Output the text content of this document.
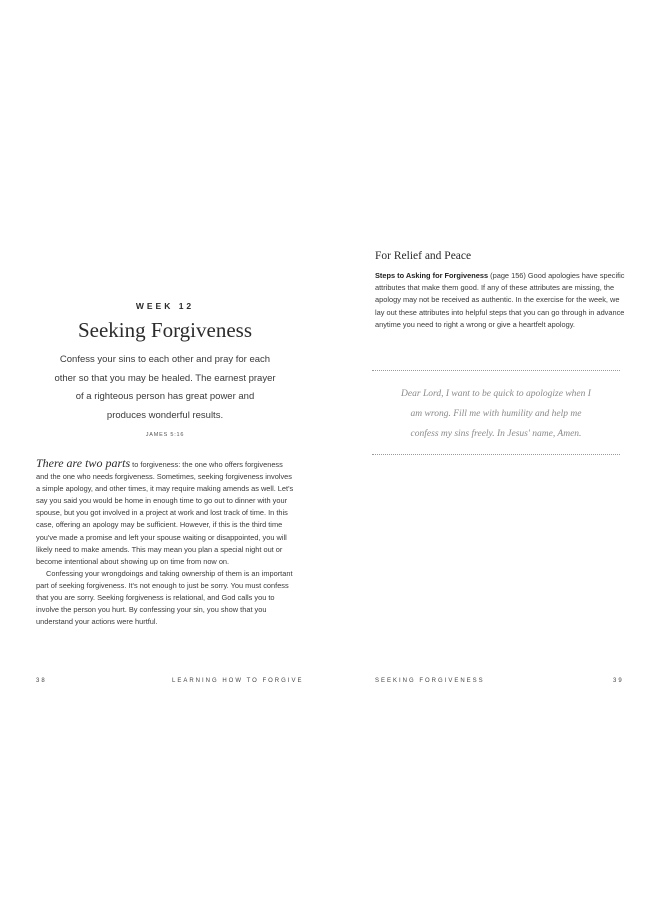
WEEK 12
Seeking Forgiveness
Confess your sins to each other and pray for each
other so that you may be healed. The earnest prayer
of a righteous person has great power and
produces wonderful results.
JAMES 5:16

There are two parts to forgiveness: the one who offers forgiveness and the one who needs forgiveness. Sometimes, seeking forgiveness involves a simple apology, and other times, it may require making amends as well. Let's say you said you would be home in enough time to go out to dinner with your spouse, but you got involved in a project at work and lost track of time. In this case, offering an apology may be sufficient. However, if this is the third time you've made a promise and left your spouse waiting or disappointed, you will likely need to make amends. This may mean you plan a special night out or become intentional about showing up on time from now on.

Confessing your wrongdoings and taking ownership of them is an important part of seeking forgiveness. It's not enough to just be sorry. You must confess that you are sorry. Seeking forgiveness is relational, and God calls you to involve the person you hurt. By confessing your sin, you show that you understand your actions were hurtful.

38	LEARNING HOW TO FORGIVE
For Relief and Peace
Steps to Asking for Forgiveness (page 156) Good apologies have specific attributes that make them good. If any of these attributes are missing, the apology may not be received as authentic. In the exercise for the week, we lay out these attributes into helpful steps that you can go through in advance anytime you need to right a wrong or give a heartfelt apology.
Dear Lord, I want to be quick to apologize when I
am wrong. Fill me with humility and help me
confess my sins freely. In Jesus' name, Amen.
SEEKING FORGIVENESS	39
